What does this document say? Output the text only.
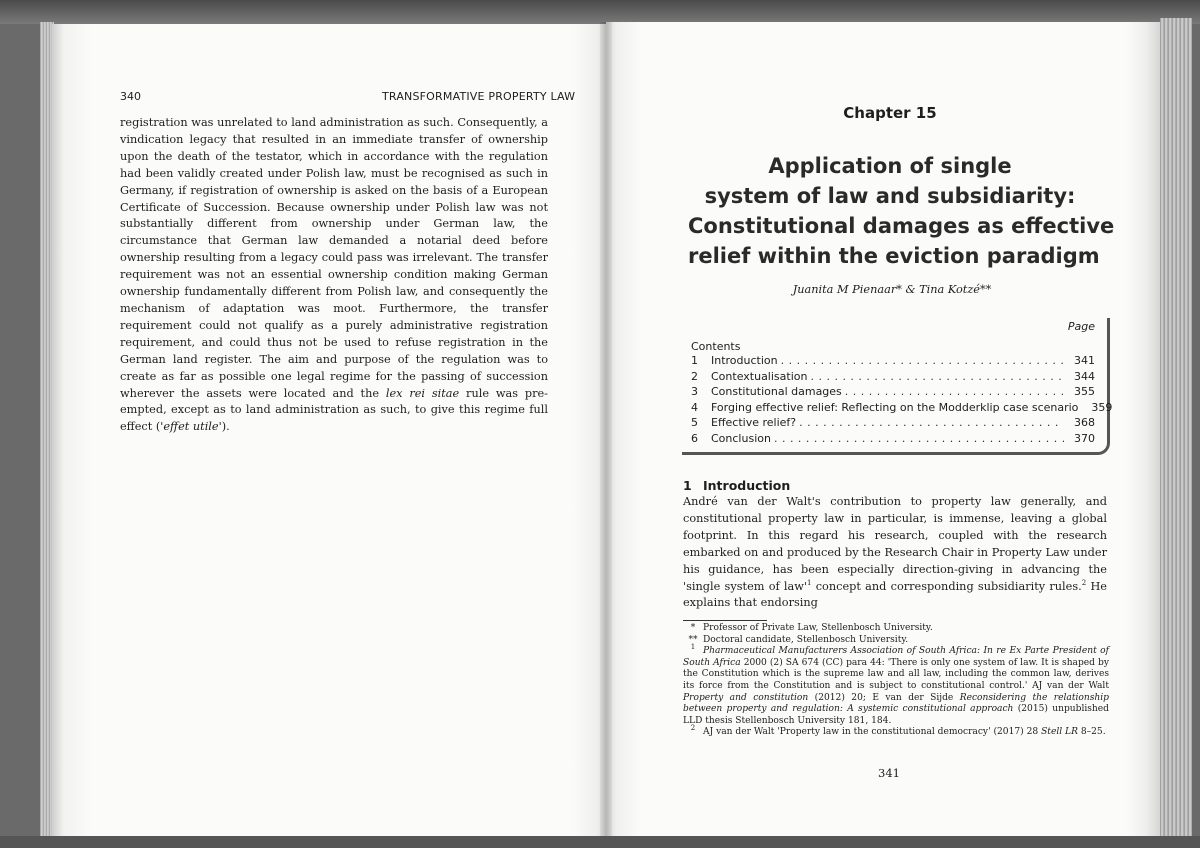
340	TRANSFORMATIVE PROPERTY LAW

registration was unrelated to land administration as such. Consequently, a vindication legacy that resulted in an immediate transfer of ownership upon the death of the testator, which in accordance with the regulation had been validly created under Polish law, must be recognised as such in Germany, if registration of ownership is asked on the basis of a European Certificate of Succession. Because ownership under Polish law was not substantially different from ownership under German law, the circumstance that German law demanded a notarial deed before ownership resulting from a legacy could pass was irrelevant. The transfer requirement was not an essential ownership condition making German ownership fundamentally different from Polish law, and consequently the mechanism of adaptation was moot. Furthermore, the transfer requirement could not qualify as a purely administrative registration requirement, and could thus not be used to refuse registration in the German land register. The aim and purpose of the regulation was to create as far as possible one legal regime for the passing of succession wherever the assets were located and the lex rei sitae rule was pre-empted, except as to land administration as such, to give this regime full effect ('effet utile').

Chapter 15
Application of single
system of law and subsidiarity:
Constitutional damages as effective
relief within the eviction paradigm
Juanita M Pienaar* & Tina Kotzé**
Page
Contents
1	Introduction . . .	341
2	Contextualisation . . .	344
3	Constitutional damages . . .	355
4	Forging effective relief: Reflecting on the Modderklip case scenario	359
5	Effective relief? . . .	368
6	Conclusion . . .	370
1 Introduction

André van der Walt's contribution to property law generally, and constitutional property law in particular, is immense, leaving a global footprint. In this regard his research, coupled with the research embarked on and produced by the Research Chair in Property Law under his guidance, has been especially direction-giving in advancing the 'single system of $law'^1$ concept and corresponding subsidiarity rules.$^2$ He explains that endorsing

* Professor of Private Law, Stellenbosch University.

** Doctoral candidate, Stellenbosch University.

$^1$ Pharmaceutical Manufacturers Association of South Africa: In re Ex Parte President of South Africa 2000 (2) SA 674 (CC) para 44: 'There is only one system of law. It is shaped by the Constitution which is the supreme law and all law, including the common law, derives its force from the Constitution and is subject to constitutional control.' AJ van der Walt Property and constitution (2012) 20; E van der Sijde Reconsidering the relationship between property and regulation: A systemic constitutional approach (2015) unpublished LLD thesis Stellenbosch University 181, 184.

$^2$ AJ van der Walt 'Property law in the constitutional democracy' (2017) 28 Stell LR 8–25.

341
